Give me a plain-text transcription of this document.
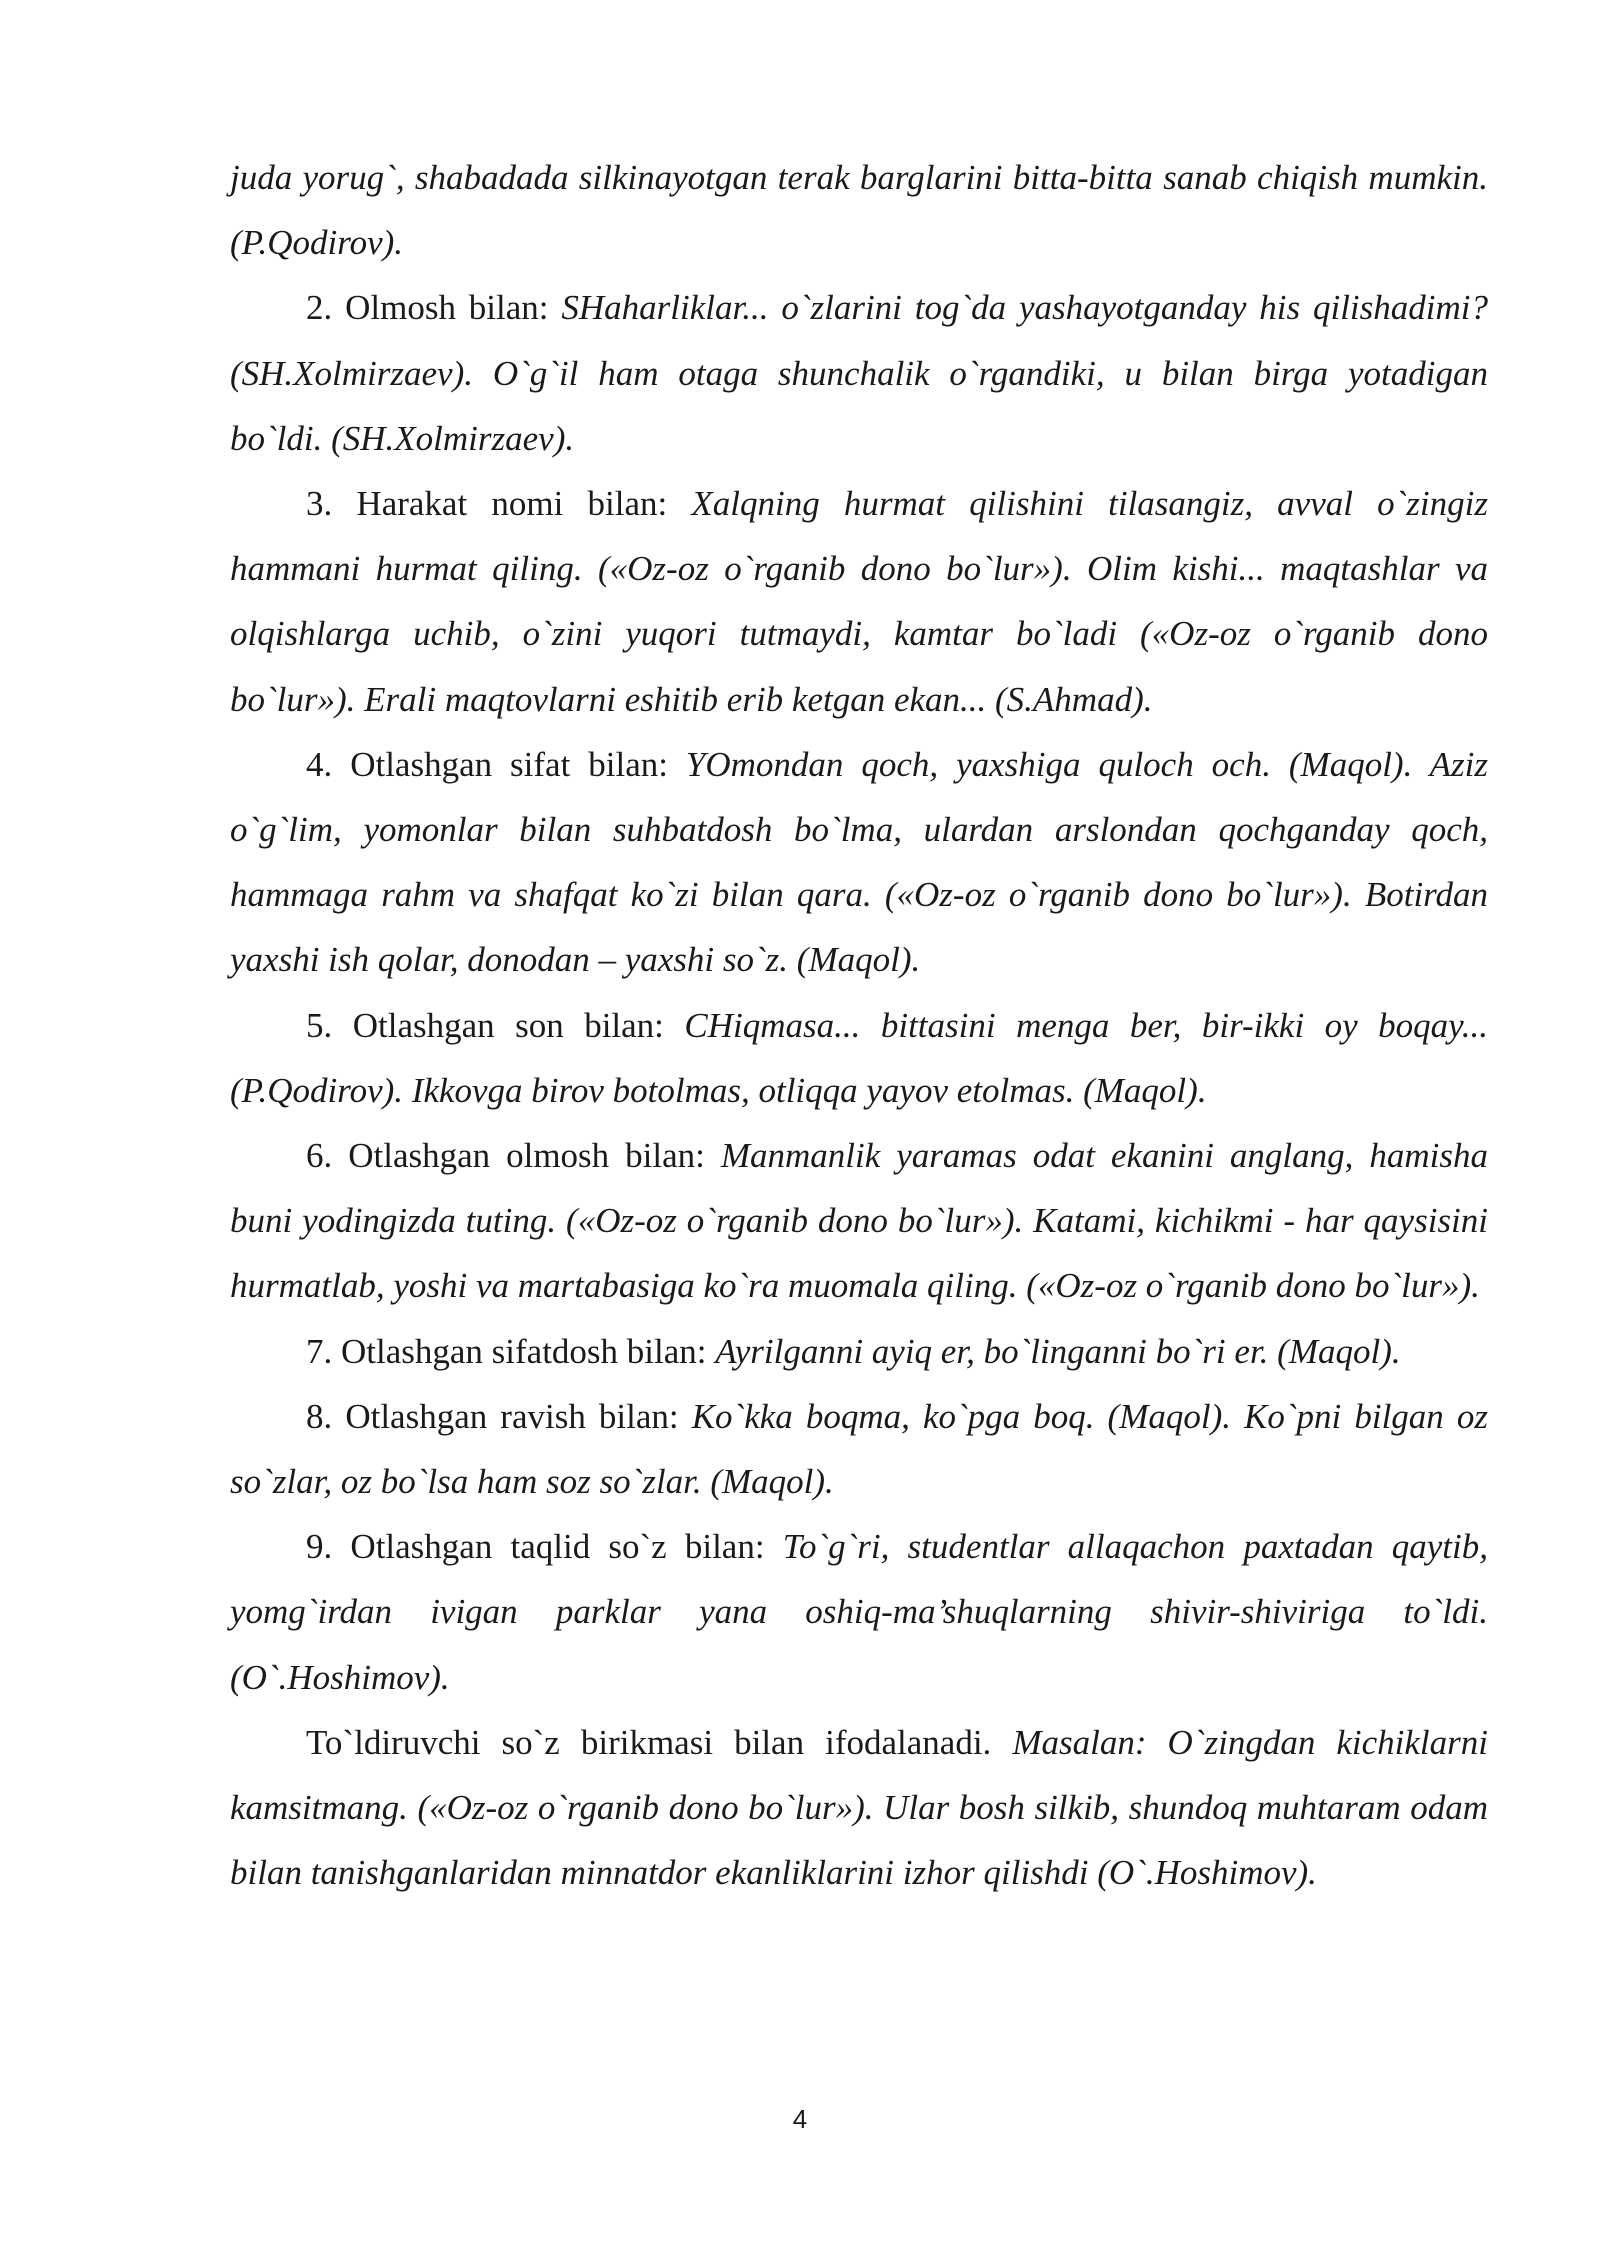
juda yorug`, shabadada silkinayotgan terak barglarini bitta-bitta sanab chiqish mumkin. (P.Qodirov).

2. Olmosh bilan: SHaharliklar... o`zlarini tog`da yashayotganday his qilishadimi? (SH.Xolmirzaev). O`g`il ham otaga shunchalik o`rgandiki, u bilan birga yotadigan bo`ldi. (SH.Xolmirzaev).

3. Harakat nomi bilan: Xalqning hurmat qilishini tilasangiz, avval o`zingiz hammani hurmat qiling. («Oz-oz o`rganib dono bo`lur»). Olim kishi... maqtashlar va olqishlarga uchib, o`zini yuqori tutmaydi, kamtar bo`ladi («Oz-oz o`rganib dono bo`lur»). Erali maqtovlarni eshitib erib ketgan ekan... (S.Ahmad).

4. Otlashgan sifat bilan: YOmondan qoch, yaxshiga quloch och. (Maqol). Aziz o`g`lim, yomonlar bilan suhbatdosh bo`lma, ulardan arslondan qochganday qoch, hammaga rahm va shafqat ko`zi bilan qara. («Oz-oz o`rganib dono bo`lur»). Botirdan yaxshi ish qolar, donodan – yaxshi so`z. (Maqol).

5. Otlashgan son bilan: CHiqmasa... bittasini menga ber, bir-ikki oy boqay... (P.Qodirov). Ikkovga birov botolmas, otliqqa yayov etolmas. (Maqol).

6. Otlashgan olmosh bilan: Manmanlik yaramas odat ekanini anglang, hamisha buni yodingizda tuting. («Oz-oz o`rganib dono bo`lur»). Katami, kichikmi - har qaysisini hurmatlab, yoshi va martabasiga ko`ra muomala qiling. («Oz-oz o`rganib dono bo`lur»).

7. Otlashgan sifatdosh bilan: Ayrilganni ayiq er, bo`linganni bo`ri er. (Maqol).

8. Otlashgan ravish bilan: Ko`kka boqma, ko`pga boq. (Maqol). Ko`pni bilgan oz so`zlar, oz bo`lsa ham soz so`zlar. (Maqol).

9. Otlashgan taqlid so`z bilan: To`g`ri, studentlar allaqachon paxtadan qaytib, yomg`irdan ivigan parklar yana oshiq-ma’shuqlarning shivir-shiviriga to`ldi. (O`.Hoshimov).

To`ldiruvchi so`z birikmasi bilan ifodalanadi. Masalan: O`zingdan kichiklarni kamsitmang. («Oz-oz o`rganib dono bo`lur»). Ular bosh silkib, shundoq muhtaram odam bilan tanishganlaridan minnatdor ekanliklarini izhor qilishdi (O`.Hoshimov).

4
